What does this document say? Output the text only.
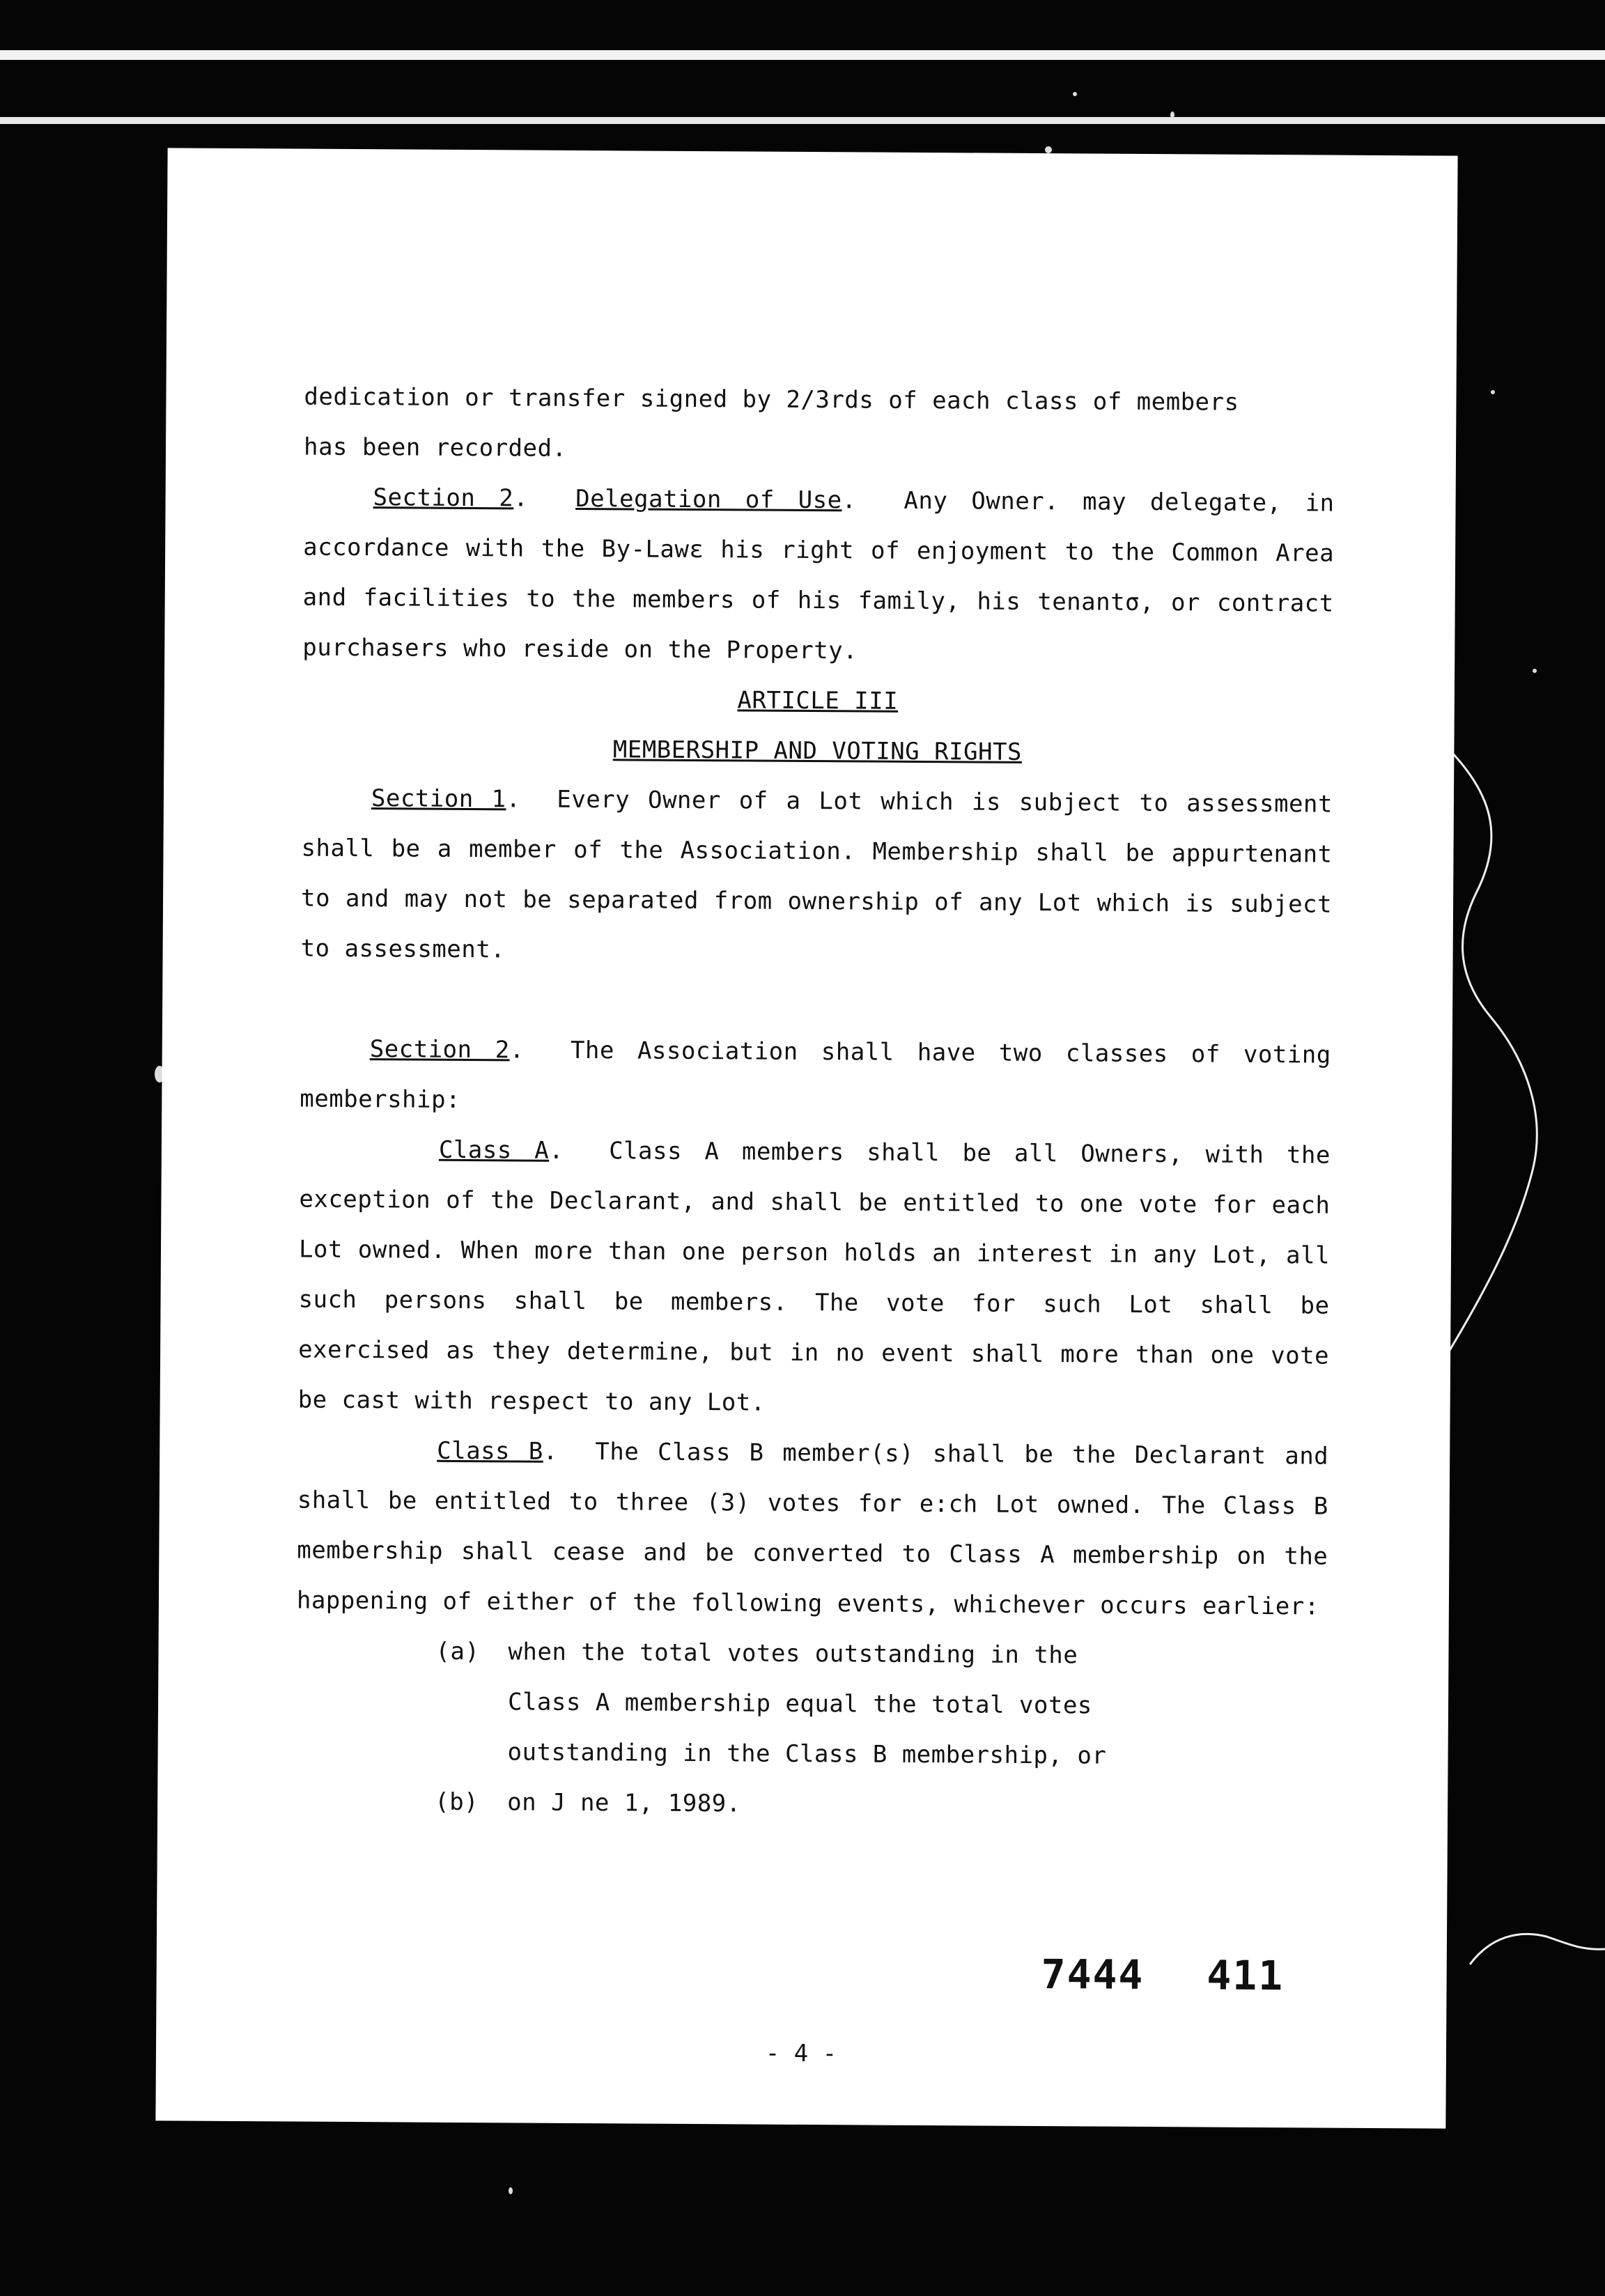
dedication or transfer signed by 2/3rds of each class of members
has been recorded.

Section 2.  Delegation of Use.  Any Owner. may delegate, in accordance with the By-Lawε his right of enjoyment to the Common Area and facilities to the members of his family, his tenantσ, or contract purchasers who reside on the Property.

ARTICLE III

MEMBERSHIP AND VOTING RIGHTS

Section 1.  Every Owner of a Lot which is subject to assessment shall be a member of the Association. Membership shall be appurtenant to and may not be separated from ownership of any Lot which is subject to assessment.

Section 2.  The Association shall have two classes of voting membership:

Class A.  Class A members shall be all Owners, with the exception of the Declarant, and shall be entitled to one vote for each Lot owned. When more than one person holds an interest in any Lot, all such persons shall be members. The vote for such Lot shall be exercised as they determine, but in no event shall more than one vote be cast with respect to any Lot.

Class B.  The Class B member(s) shall be the Declarant and shall be entitled to three (3) votes for e:ch Lot owned. The Class B membership shall cease and be converted to Class A membership on the happening of either of the following events, whichever occurs earlier:

(a)	when the total votes outstanding in the Class A membership equal the total votes outstanding in the Class B membership, or
(b)	on J ne 1, 1989.
7444 411
- 4 -
